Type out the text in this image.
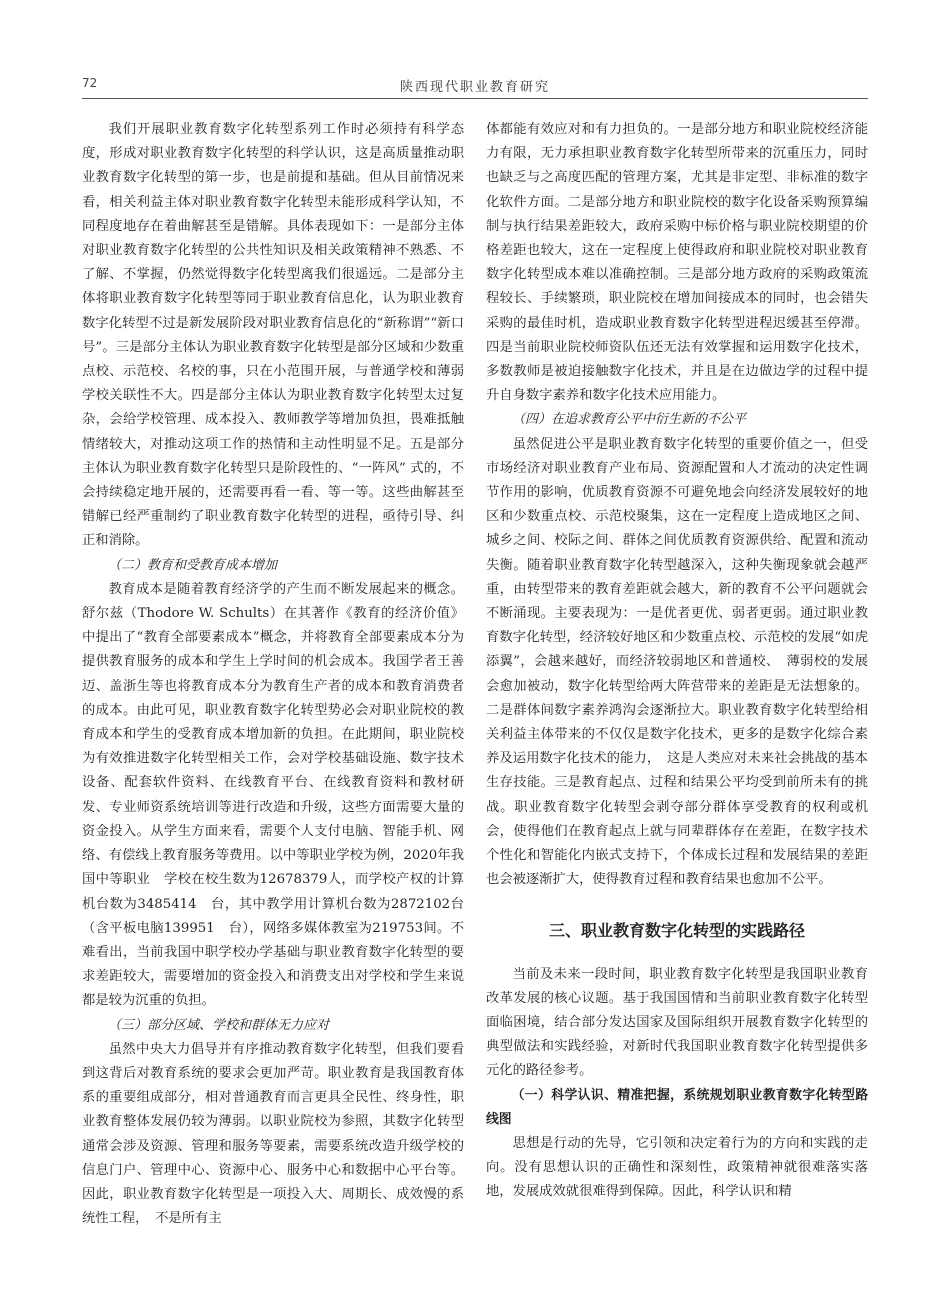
72	陕西现代职业教育研究

我们开展职业教育数字化转型系列工作时必须持有科学态度，形成对职业教育数字化转型的科学认识，这是高质量推动职业教育数字化转型的第一步，也是前提和基础。但从目前情况来看，相关利益主体对职业教育数字化转型未能形成科学认知，不同程度地存在着曲解甚至是错解。具体表现如下：一是部分主体对职业教育数字化转型的公共性知识及相关政策精神不熟悉、不了解、不掌握，仍然觉得数字化转型离我们很遥远。二是部分主体将职业教育数字化转型等同于职业教育信息化，认为职业教育数字化转型不过是新发展阶段对职业教育信息化的“新称谓”“新口号”。三是部分主体认为职业教育数字化转型是部分区域和少数重点校、示范校、名校的事，只在小范围开展，与普通学校和薄弱学校关联性不大。四是部分主体认为职业教育数字化转型太过复杂，会给学校管理、成本投入、教师教学等增加负担，畏难抵触情绪较大，对推动这项工作的热情和主动性明显不足。五是部分主体认为职业教育数字化转型只是阶段性的、“一阵风” 式的，不会持续稳定地开展的，还需要再看一看、等一等。这些曲解甚至错解已经严重制约了职业教育数字化转型的进程，亟待引导、纠正和消除。

（二）教育和受教育成本增加

教育成本是随着教育经济学的产生而不断发展起来的概念。舒尔兹（Thodore W. Schults）在其著作《教育的经济价值》中提出了“教育全部要素成本”概念，并将教育全部要素成本分为提供教育服务的成本和学生上学时间的机会成本。我国学者王善迈、盖浙生等也将教育成本分为教育生产者的成本和教育消费者的成本。由此可见，职业教育数字化转型势必会对职业院校的教育成本和学生的受教育成本增加新的负担。在此期间，职业院校为有效推进数字化转型相关工作，会对学校基础设施、数字技术设备、配套软件资料、在线教育平台、在线教育资料和教材研发、专业师资系统培训等进行改造和升级，这些方面需要大量的资金投入。从学生方面来看，需要个人支付电脑、智能手机、网络、有偿线上教育服务等费用。以中等职业学校为例，2020年我国中等职业　学校在校生数为12678379人，而学校产权的计算机台数为3485414　台，其中教学用计算机台数为2872102台（含平板电脑139951　台），网络多媒体教室为219753间。不难看出，当前我国中职学校办学基础与职业教育数字化转型的要求差距较大，需要增加的资金投入和消费支出对学校和学生来说都是较为沉重的负担。

（三）部分区域、学校和群体无力应对

虽然中央大力倡导并有序推动教育数字化转型，但我们要看到这背后对教育系统的要求会更加严苛。职业教育是我国教育体系的重要组成部分，相对普通教育而言更具全民性、终身性，职业教育整体发展仍较为薄弱。以职业院校为参照，其数字化转型通常会涉及资源、管理和服务等要素，需要系统改造升级学校的信息门户、管理中心、资源中心、服务中心和数据中心平台等。因此，职业教育数字化转型是一项投入大、周期长、成效慢的系统性工程，　不是所有主

体都能有效应对和有力担负的。一是部分地方和职业院校经济能力有限，无力承担职业教育数字化转型所带来的沉重压力，同时也缺乏与之高度匹配的管理方案，尤其是非定型、非标准的数字化软件方面。二是部分地方和职业院校的数字化设备采购预算编制与执行结果差距较大，政府采购中标价格与职业院校期望的价格差距也较大，这在一定程度上使得政府和职业院校对职业教育数字化转型成本难以准确控制。三是部分地方政府的采购政策流程较长、手续繁琐，职业院校在增加间接成本的同时，也会错失采购的最佳时机，造成职业教育数字化转型进程迟缓甚至停滞。四是当前职业院校师资队伍还无法有效掌握和运用数字化技术，多数教师是被迫接触数字化技术，并且是在边做边学的过程中提升自身数字素养和数字化技术应用能力。

（四）在追求教育公平中衍生新的不公平

虽然促进公平是职业教育数字化转型的重要价值之一，但受市场经济对职业教育产业布局、资源配置和人才流动的决定性调节作用的影响，优质教育资源不可避免地会向经济发展较好的地区和少数重点校、示范校聚集，这在一定程度上造成地区之间、城乡之间、校际之间、群体之间优质教育资源供给、配置和流动失衡。随着职业教育数字化转型越深入，这种失衡现象就会越严重，由转型带来的教育差距就会越大，新的教育不公平问题就会不断涌现。主要表现为：一是优者更优、弱者更弱。通过职业教育数字化转型，经济较好地区和少数重点校、示范校的发展“如虎添翼”，会越来越好，而经济较弱地区和普通校、　薄弱校的发展会愈加被动，数字化转型给两大阵营带来的差距是无法想象的。二是群体间数字素养鸿沟会逐渐拉大。职业教育数字化转型给相关利益主体带来的不仅仅是数字化技术，更多的是数字化综合素养及运用数字化技术的能力，　这是人类应对未来社会挑战的基本生存技能。三是教育起点、过程和结果公平均受到前所未有的挑战。职业教育数字化转型会剥夺部分群体享受教育的权利或机会，使得他们在教育起点上就与同辈群体存在差距，在数字技术个性化和智能化内嵌式支持下，个体成长过程和发展结果的差距也会被逐渐扩大，使得教育过程和教育结果也愈加不公平。

三、职业教育数字化转型的实践路径

当前及未来一段时间，职业教育数字化转型是我国职业教育改革发展的核心议题。基于我国国情和当前职业教育数字化转型面临困境，结合部分发达国家及国际组织开展教育数字化转型的典型做法和实践经验，对新时代我国职业教育数字化转型提供多元化的路径参考。

（一）科学认识、精准把握，系统规划职业教育数字化转型路线图

思想是行动的先导，它引领和决定着行为的方向和实践的走向。没有思想认识的正确性和深刻性，政策精神就很难落实落地，发展成效就很难得到保障。因此，科学认识和精
